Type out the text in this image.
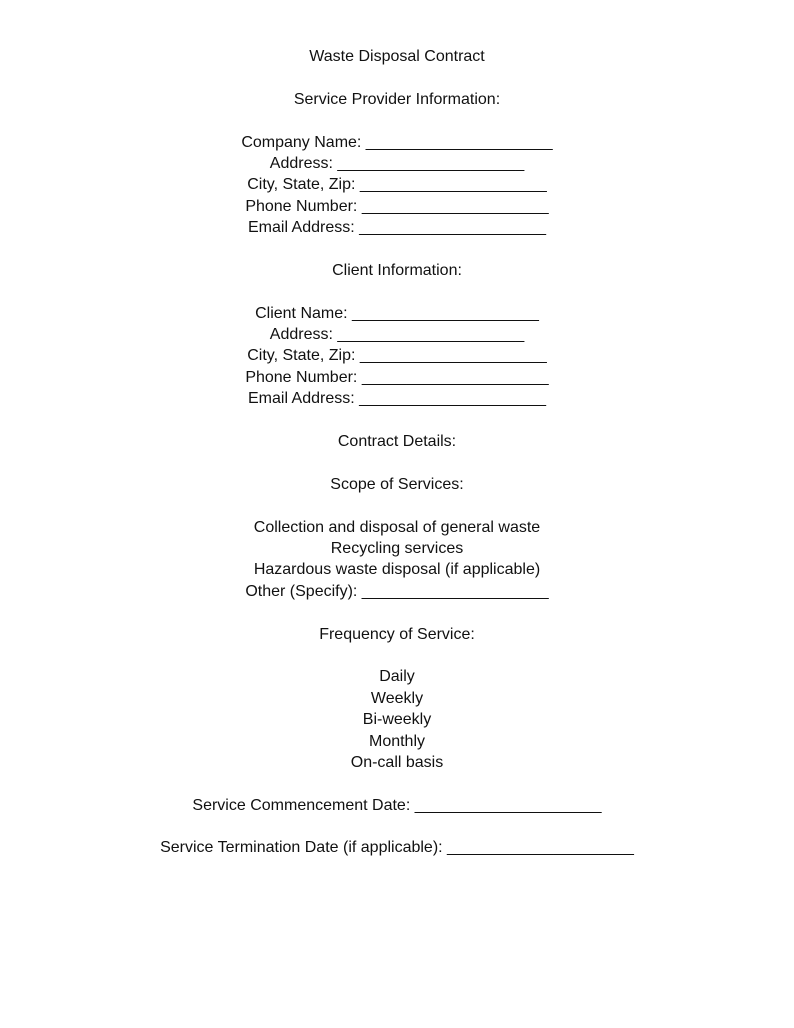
Waste Disposal Contract
Service Provider Information:
Company Name: _____________________
Address: _____________________
City, State, Zip: _____________________
Phone Number: _____________________
Email Address: _____________________
Client Information:
Client Name: _____________________
Address: _____________________
City, State, Zip: _____________________
Phone Number: _____________________
Email Address: _____________________
Contract Details:
Scope of Services:
Collection and disposal of general waste
Recycling services
Hazardous waste disposal (if applicable)
Other (Specify): _____________________
Frequency of Service:
Daily
Weekly
Bi-weekly
Monthly
On-call basis
Service Commencement Date: _____________________
Service Termination Date (if applicable): _____________________
